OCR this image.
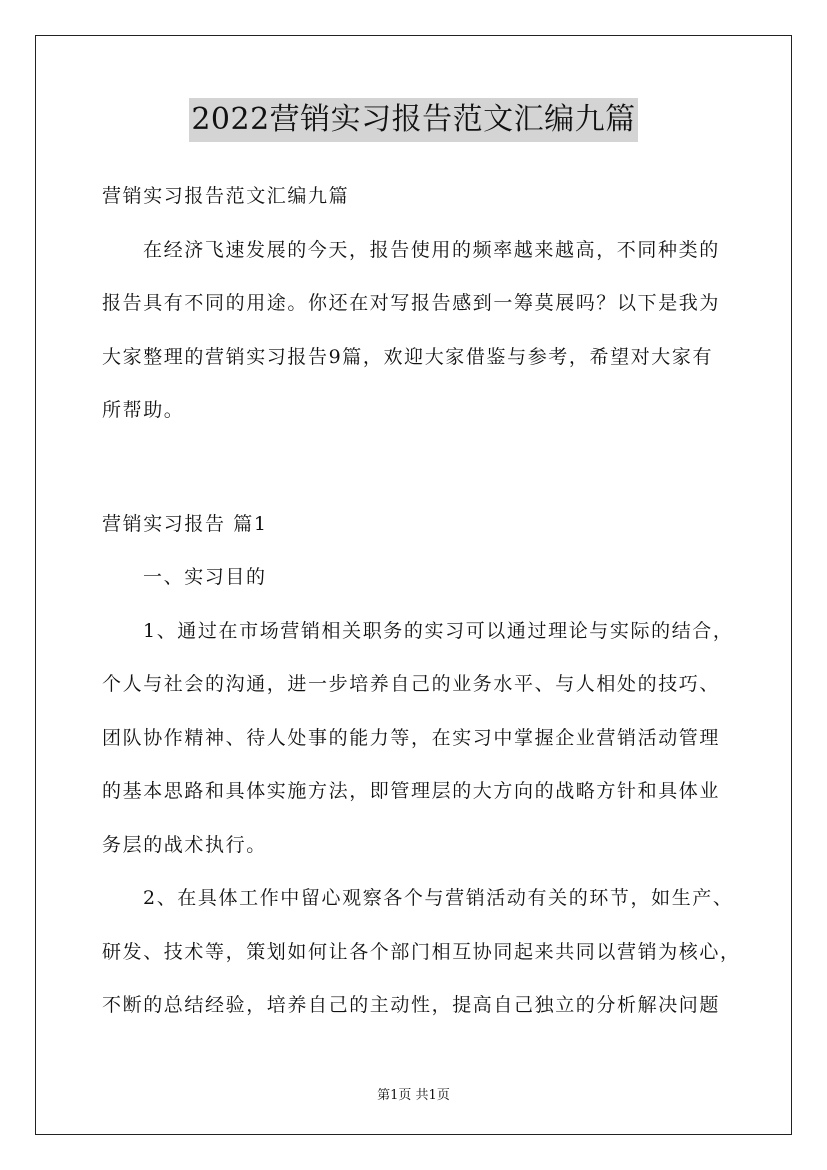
2022营销实习报告范文汇编九篇
营销实习报告范文汇编九篇
在经济飞速发展的今天，报告使用的频率越来越高，不同种类的
报告具有不同的用途。你还在对写报告感到一筹莫展吗？以下是我为
大家整理的营销实习报告9篇，欢迎大家借鉴与参考，希望对大家有
所帮助。
营销实习报告 篇1
一、实习目的
1、通过在市场营销相关职务的实习可以通过理论与实际的结合，
个人与社会的沟通，进一步培养自己的业务水平、与人相处的技巧、
团队协作精神、待人处事的能力等，在实习中掌握企业营销活动管理
的基本思路和具体实施方法，即管理层的大方向的战略方针和具体业
务层的战术执行。
2、在具体工作中留心观察各个与营销活动有关的环节，如生产、
研发、技术等，策划如何让各个部门相互协同起来共同以营销为核心，
不断的总结经验，培养自己的主动性，提高自己独立的分析解决问题
第1页 共1页
